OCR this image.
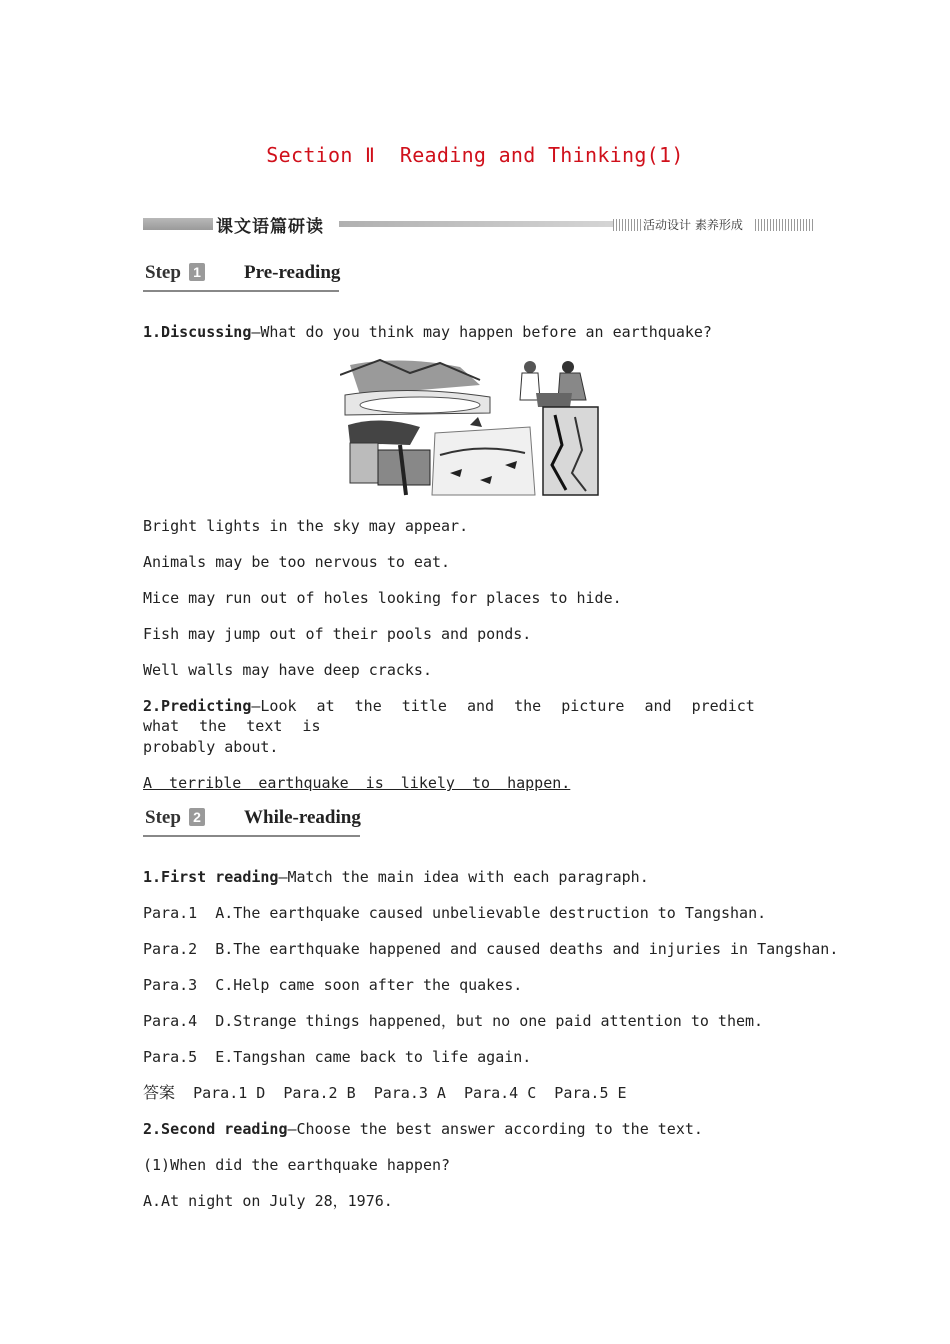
Section Ⅱ Reading and Thinking(1)
课文语篇研读	活动设计 素养形成
Step 1 Pre-reading
1.Discussing—What do you think may happen before an earthquake?
Bright lights in the sky may appear.
Animals may be too nervous to eat.
Mice may run out of holes looking for places to hide.
Fish may jump out of their pools and ponds.
Well walls may have deep cracks.
2.Predicting—Look at the title and the picture and predict what the text is
probably about.
A terrible earthquake is likely to happen.
Step 2 While-reading
1.First reading—Match the main idea with each paragraph.
Para.1 A.The earthquake caused unbelievable destruction to Tangshan.
Para.2 B.The earthquake happened and caused deaths and injuries in Tangshan.
Para.3 C.Help came soon after the quakes.
Para.4 D.Strange things happened，but no one paid attention to them.
Para.5 E.Tangshan came back to life again.
答案 Para.1 D  Para.2 B  Para.3 A  Para.4 C  Para.5 E
2.Second reading—Choose the best answer according to the text.
(1)When did the earthquake happen?
A.At night on July 28，1976.
